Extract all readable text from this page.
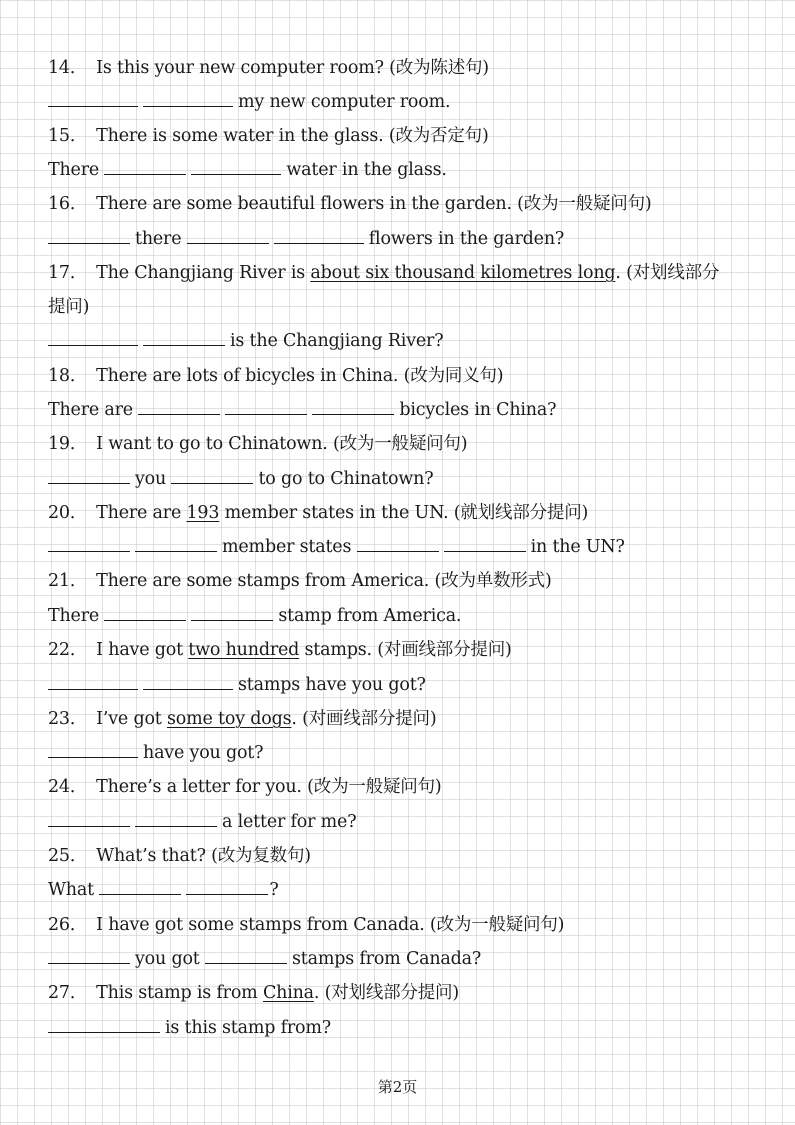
14． Is this your new computer room? (改为陈述句)
my new computer room.
15． There is some water in the glass. (改为否定句)
There	water in the glass.
16． There are some beautiful flowers in the garden. (改为一般疑问句)
there	flowers in the garden?
17． The Changjiang River is about six thousand kilometres long. (对划线部分
提问)
is the Changjiang River?
18． There are lots of bicycles in China. (改为同义句)
There are	bicycles in China?
19． I want to go to Chinatown. (改为一般疑问句)
you	to go to Chinatown?
20． There are 193 member states in the UN. (就划线部分提问)
member states	in the UN?
21． There are some stamps from America. (改为单数形式)
There	stamp from America.
22． I have got two hundred stamps. (对画线部分提问)
stamps have you got?
23． I’ve got some toy dogs. (对画线部分提问)
have you got?
24． There’s a letter for you. (改为一般疑问句)
a letter for me?
25． What’s that? (改为复数句)
What	?
26． I have got some stamps from Canada. (改为一般疑问句)
you got	stamps from Canada?
27． This stamp is from China. (对划线部分提问)
is this stamp from?
第2页
